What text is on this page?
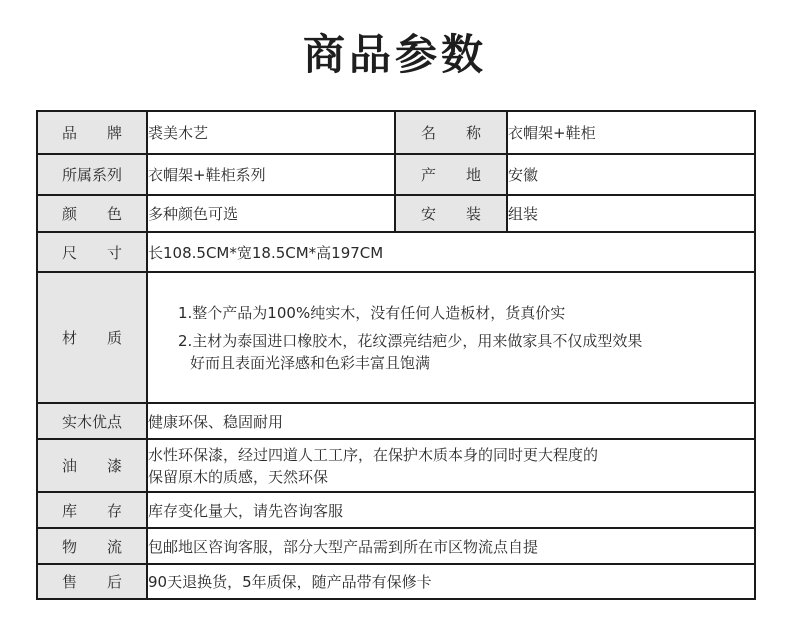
商品参数
品　　牌	裘美木艺	名　　称	衣帽架+鞋柜
所属系列	衣帽架+鞋柜系列	产　　地	安徽
颜　　色	多种颜色可选	安　　装	组装
尺　　寸	长108.5CM*宽18.5CM*高197CM		
材　　质	1.整个产品为100%纯实木，没有任何人造板材，货真价实

2.主材为泰国进口橡胶木，花纹漂亮结疤少，用来做家具不仅成型效果

好而且表面光泽感和色彩丰富且饱满		

实木优点	健康环保、稳固耐用		
油　　漆	水性环保漆，经过四道人工工序，在保护木质本身的同时更大程度的

保留原木的质感，天然环保		

库　　存	库存变化量大，请先咨询客服		
物　　流	包邮地区咨询客服，部分大型产品需到所在市区物流点自提		
售　　后	90天退换货，5年质保，随产品带有保修卡		
